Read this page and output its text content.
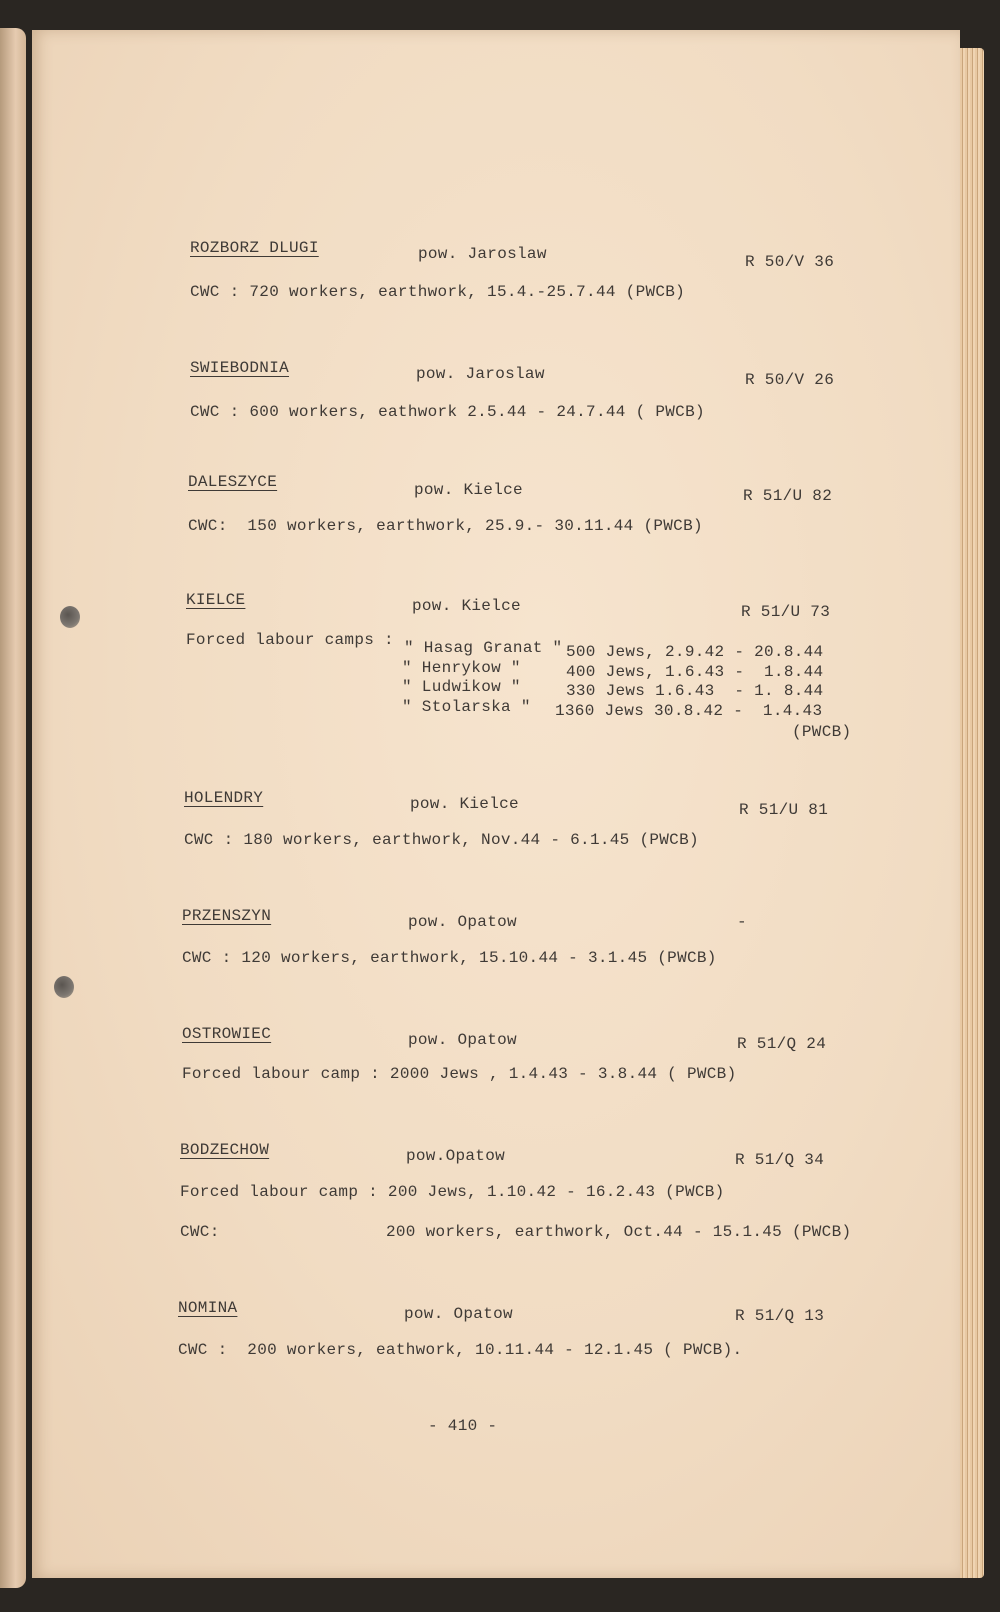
ROZBORZ DLUGI	pow. Jaroslaw	R 50/V 36
CWC : 720 workers, earthwork, 15.4.-25.7.44 (PWCB)
SWIEBODNIA	pow. Jaroslaw	R 50/V 26
CWC : 600 workers, eathwork 2.5.44 - 24.7.44 ( PWCB)
DALESZYCE	pow. Kielce	R 51/U 82
CWC:  150 workers, earthwork, 25.9.- 30.11.44 (PWCB)
KIELCE	pow. Kielce	R 51/U 73
Forced labour camps : " Hasag Granat " 500 Jews, 2.9.42 - 20.8.44
" Henrykow "	400 Jews, 1.6.43 -  1.8.44
" Ludwikow "	330 Jews 1.6.43  - 1. 8.44
" Stolarska " 1360 Jews 30.8.42 -  1.4.43
(PWCB)
HOLENDRY	pow. Kielce	R 51/U 81
CWC : 180 workers, earthwork, Nov.44 - 6.1.45 (PWCB)
PRZENSZYN	pow. Opatow	-
CWC : 120 workers, earthwork, 15.10.44 - 3.1.45 (PWCB)
OSTROWIEC	pow. Opatow	R 51/Q 24
Forced labour camp : 2000 Jews , 1.4.43 - 3.8.44 ( PWCB)
BODZECHOW	pow.Opatow	R 51/Q 34
Forced labour camp : 200 Jews, 1.10.42 - 16.2.43 (PWCB)
CWC:	200 workers, earthwork, Oct.44 - 15.1.45 (PWCB)
NOMINA	pow. Opatow	R 51/Q 13
CWC :  200 workers, eathwork, 10.11.44 - 12.1.45 ( PWCB).
- 410 -
